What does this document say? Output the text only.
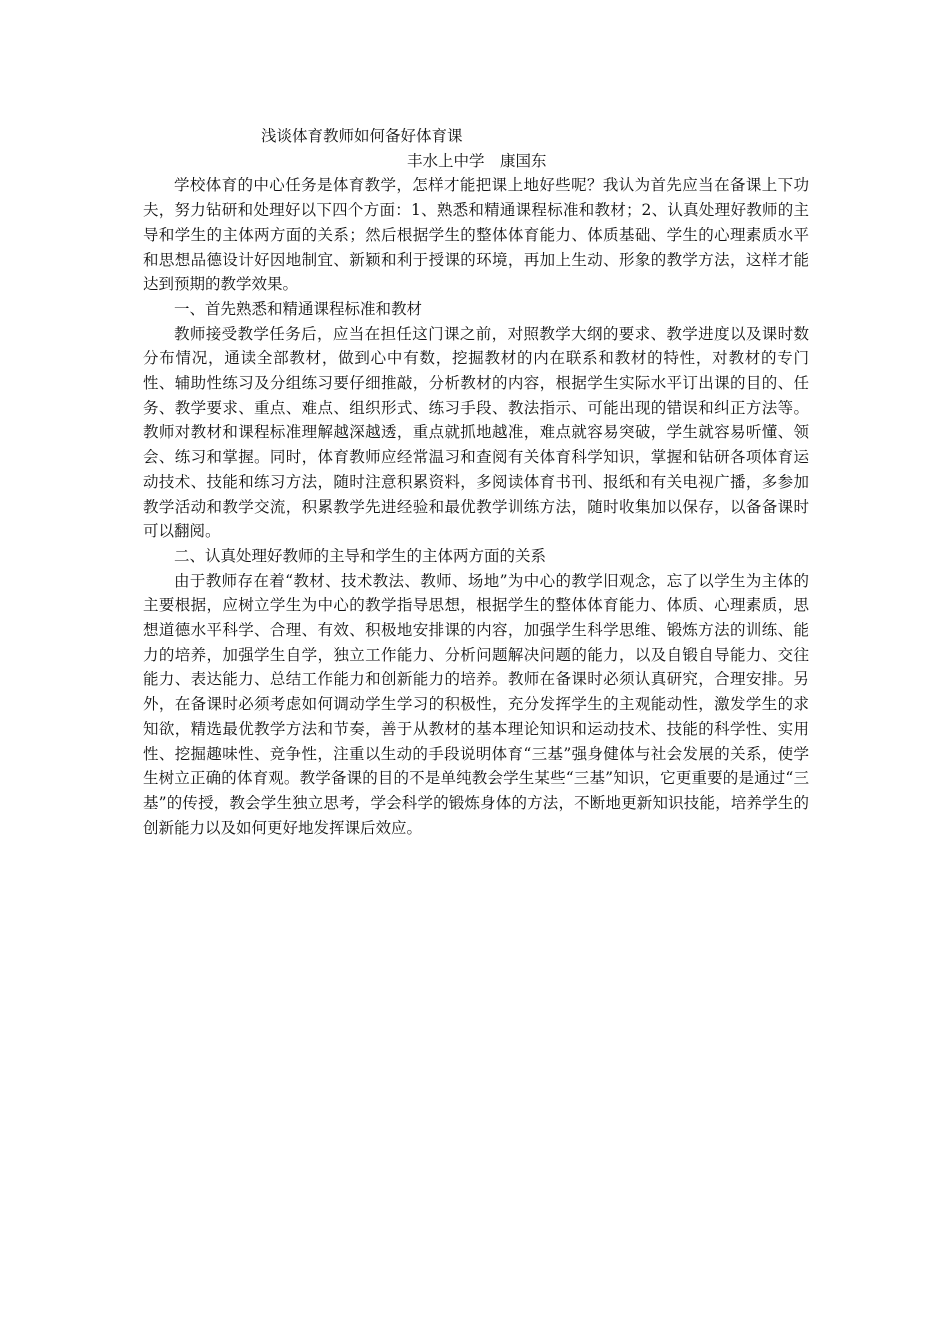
浅谈体育教师如何备好体育课

丰水上中学　康国东

学校体育的中心任务是体育教学，怎样才能把课上地好些呢？我认为首先应当在备课上下功夫，努力钻研和处理好以下四个方面：1、熟悉和精通课程标准和教材；2、认真处理好教师的主导和学生的主体两方面的关系；然后根据学生的整体体育能力、体质基础、学生的心理素质水平和思想品德设计好因地制宜、新颖和利于授课的环境，再加上生动、形象的教学方法，这样才能达到预期的教学效果。

一、首先熟悉和精通课程标准和教材

教师接受教学任务后，应当在担任这门课之前，对照教学大纲的要求、教学进度以及课时数分布情况，通读全部教材，做到心中有数，挖掘教材的内在联系和教材的特性，对教材的专门性、辅助性练习及分组练习要仔细推敲，分析教材的内容，根据学生实际水平订出课的目的、任务、教学要求、重点、难点、组织形式、练习手段、教法指示、可能出现的错误和纠正方法等。教师对教材和课程标准理解越深越透，重点就抓地越准，难点就容易突破，学生就容易听懂、领会、练习和掌握。同时，体育教师应经常温习和查阅有关体育科学知识，掌握和钻研各项体育运动技术、技能和练习方法，随时注意积累资料，多阅读体育书刊、报纸和有关电视广播，多参加教学活动和教学交流，积累教学先进经验和最优教学训练方法，随时收集加以保存，以备备课时可以翻阅。

二、认真处理好教师的主导和学生的主体两方面的关系

由于教师存在着“教材、技术教法、教师、场地”为中心的教学旧观念，忘了以学生为主体的主要根据，应树立学生为中心的教学指导思想，根据学生的整体体育能力、体质、心理素质，思想道德水平科学、合理、有效、积极地安排课的内容，加强学生科学思维、锻炼方法的训练、能力的培养，加强学生自学，独立工作能力、分析问题解决问题的能力，以及自锻自导能力、交往能力、表达能力、总结工作能力和创新能力的培养。教师在备课时必须认真研究，合理安排。另外，在备课时必须考虑如何调动学生学习的积极性，充分发挥学生的主观能动性，激发学生的求知欲，精选最优教学方法和节奏，善于从教材的基本理论知识和运动技术、技能的科学性、实用性、挖掘趣味性、竞争性，注重以生动的手段说明体育“三基”强身健体与社会发展的关系，使学生树立正确的体育观。教学备课的目的不是单纯教会学生某些“三基”知识，它更重要的是通过“三基”的传授，教会学生独立思考，学会科学的锻炼身体的方法，不断地更新知识技能，培养学生的创新能力以及如何更好地发挥课后效应。
